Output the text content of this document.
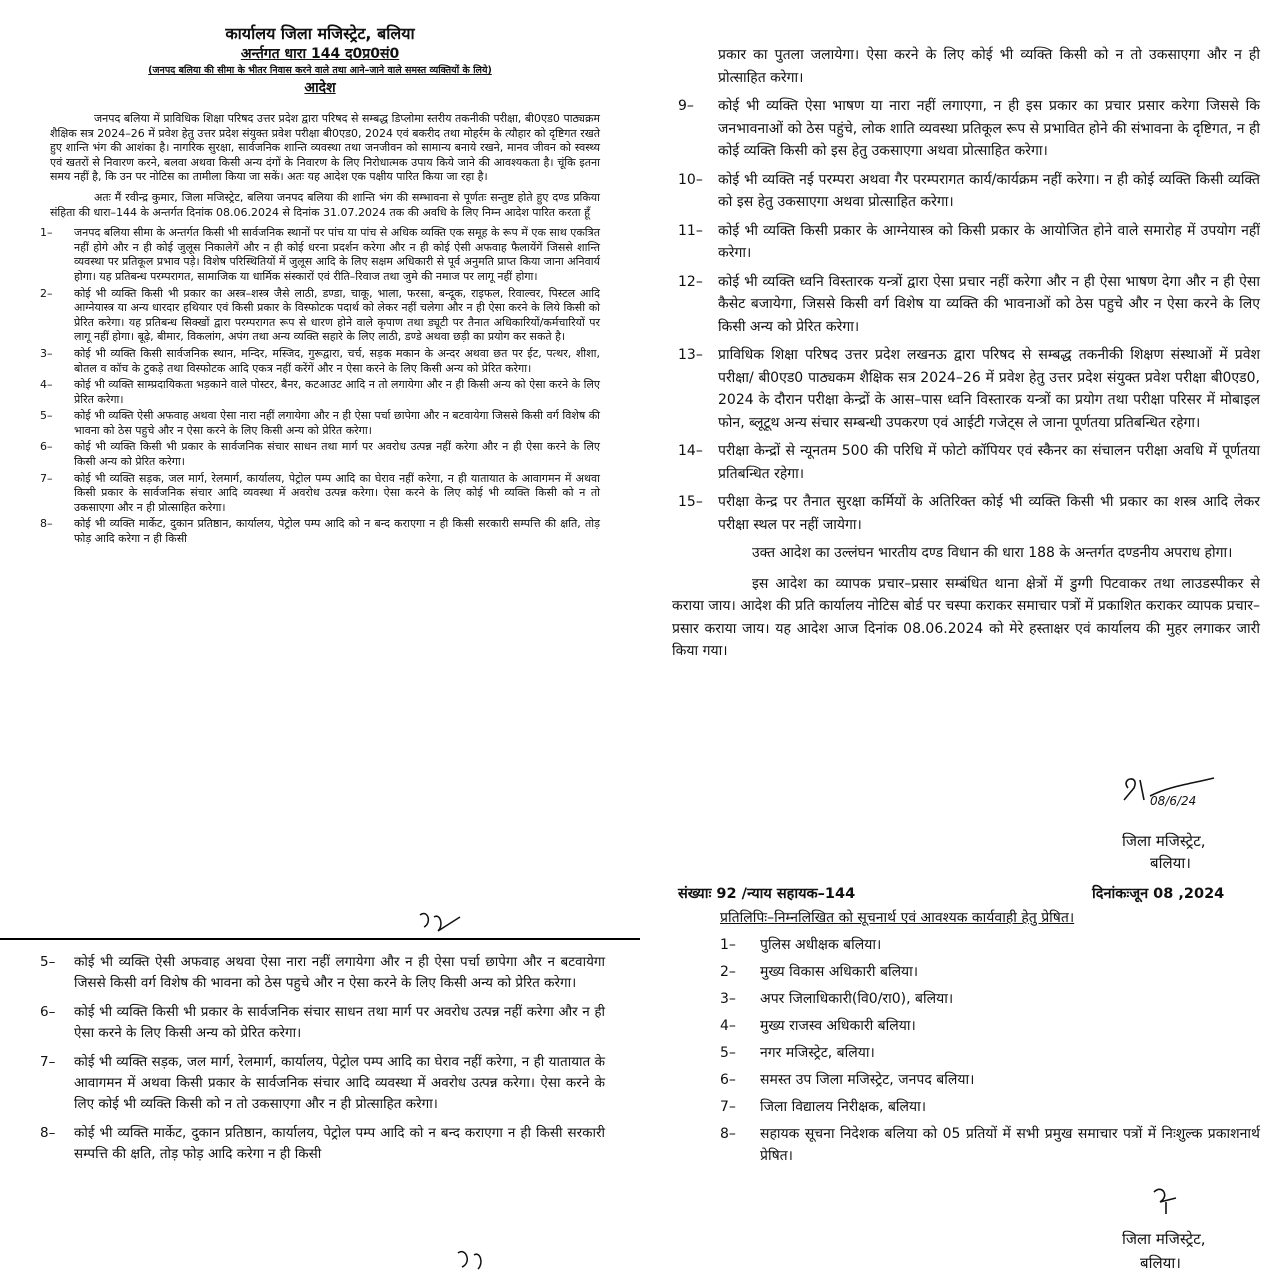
कार्यालय जिला मजिस्ट्रेट, बलिया
अर्न्तगत धारा 144 द0प्र0सं0
(जनपद बलिया की सीमा के भीतर निवास करने वाले तथा आने–जाने वाले समस्त व्यक्तियों के लिये)
आदेश

जनपद बलिया में प्राविधिक शिक्षा परिषद उत्तर प्रदेश द्वारा परिषद से सम्बद्ध डिप्लोमा स्तरीय तकनीकी परीक्षा, बी0एड0 पाठ्यक्रम शैक्षिक सत्र 2024–26 में प्रवेश हेतु उत्तर प्रदेश संयुक्त प्रवेश परीक्षा बी0एड0, 2024 एवं बकरीद तथा मोहर्रम के त्यौहार को दृष्टिगत रखते हुए शान्ति भंग की आशंका है। नागरिक सुरक्षा, सार्वजनिक शान्ति व्यवस्था तथा जनजीवन को सामान्य बनाये रखने, मानव जीवन को स्वस्थ्य एवं खतरों से निवारण करने, बलवा अथवा किसी अन्य दंगों के निवारण के लिए निरोधात्मक उपाय किये जाने की आवश्यकता है। चूंकि इतना समय नहीं है, कि उन पर नोटिस का तामीला किया जा सकें। अतः यह आदेश एक पक्षीय पारित किया जा रहा है।

अतः मैं रवीन्द्र कुमार, जिला मजिस्ट्रेट, बलिया जनपद बलिया की शान्ति भंग की सम्भावना से पूर्णतः सन्तुष्ट होते हुए दण्ड प्रकिया संहिता की धारा–144 के अन्तर्गत दिनांक 08.06.2024 से दिनांक 31.07.2024 तक की अवधि के लिए निम्न आदेश पारित करता हूँ

1–	जनपद बलिया सीमा के अन्तर्गत किसी भी सार्वजनिक स्थानों पर पांच या पांच से अधिक व्यक्ति एक समूह के रूप में एक साथ एकत्रित नहीं होगे और न ही कोई जुलूस निकालेगें और न ही कोई धरना प्रदर्शन करेगा और न ही कोई ऐसी अफवाह फैलायेंगें जिससे शान्ति व्यवस्था पर प्रतिकूल प्रभाव पड़े। विशेष परिस्थितियों में जुलूस आदि के लिए सक्षम अधिकारी से पूर्व अनुमति प्राप्त किया जाना अनिवार्य होगा। यह प्रतिबन्ध परम्परागत, सामाजिक या धार्मिक संस्कारों एवं रीति–रिवाज तथा जुमे की नमाज पर लागू नहीं होगा।
2–	कोई भी व्यक्ति किसी भी प्रकार का अस्त्र–शस्त्र जैसे लाठी, डण्डा, चाकू, भाला, फरसा, बन्दूक, राइफल, रिवाल्वर, पिस्टल आदि आग्नेयास्त्र या अन्य धारदार हथियार एवं किसी प्रकार के विस्फोटक पदार्थ को लेकर नहीं चलेगा और न ही ऐसा करने के लिये किसी को प्रेरित करेगा। यह प्रतिबन्ध सिक्खों द्वारा परम्परागत रूप से धारण होने वाले कृपाण तथा ड्यूटी पर तैनात अधिकारियों/कर्मचारियों पर लागू नहीं होगा। बूढ़े, बीमार, विकलांग, अपंग तथा अन्य व्यक्ति सहारे के लिए लाठी, डण्डे अथवा छड़ी का प्रयोग कर सकते है।
3–	कोई भी व्यक्ति किसी सार्वजनिक स्थान, मन्दिर, मस्जिद, गुरूद्वारा, चर्च, सड़क मकान के अन्दर अथवा छत पर ईट, पत्थर, शीशा, बोतल व कॉच के टुकड़े तथा विस्फोटक आदि एकत्र नहीं करेंगें और न ऐसा करने के लिए किसी अन्य को प्रेरित करेगा।
4–	कोई भी व्यक्ति साम्प्रदायिकता भड़काने वाले पोस्टर, बैनर, कटआउट आदि न तो लगायेगा और न ही किसी अन्य को ऐसा करने के लिए प्रेरित करेगा।
5–	कोई भी व्यक्ति ऐसी अफवाह अथवा ऐसा नारा नहीं लगायेगा और न ही ऐसा पर्चा छापेगा और न बटवायेगा जिससे किसी वर्ग विशेष की भावना को ठेस पहुचे और न ऐसा करने के लिए किसी अन्य को प्रेरित करेगा।
6–	कोई भी व्यक्ति किसी भी प्रकार के सार्वजनिक संचार साधन तथा मार्ग पर अवरोध उत्पन्न नहीं करेगा और न ही ऐसा करने के लिए किसी अन्य को प्रेरित करेगा।
7–	कोई भी व्यक्ति सड़क, जल मार्ग, रेलमार्ग, कार्यालय, पेट्रोल पम्प आदि का घेराव नहीं करेगा, न ही यातायात के आवागमन में अथवा किसी प्रकार के सार्वजनिक संचार आदि व्यवस्था में अवरोध उत्पन्न करेगा। ऐसा करने के लिए कोई भी व्यक्ति किसी को न तो उकसाएगा और न ही प्रोत्साहित करेगा।
8–	कोई भी व्यक्ति मार्केट, दुकान प्रतिष्ठान, कार्यालय, पेट्रोल पम्प आदि को न बन्द कराएगा न ही किसी सरकारी सम्पत्ति की क्षति, तोड़ फोड़ आदि करेगा न ही किसी
5–	कोई भी व्यक्ति ऐसी अफवाह अथवा ऐसा नारा नहीं लगायेगा और न ही ऐसा पर्चा छापेगा और न बटवायेगा जिससे किसी वर्ग विशेष की भावना को ठेस पहुचे और न ऐसा करने के लिए किसी अन्य को प्रेरित करेगा।
6–	कोई भी व्यक्ति किसी भी प्रकार के सार्वजनिक संचार साधन तथा मार्ग पर अवरोध उत्पन्न नहीं करेगा और न ही ऐसा करने के लिए किसी अन्य को प्रेरित करेगा।
7–	कोई भी व्यक्ति सड़क, जल मार्ग, रेलमार्ग, कार्यालय, पेट्रोल पम्प आदि का घेराव नहीं करेगा, न ही यातायात के आवागमन में अथवा किसी प्रकार के सार्वजनिक संचार आदि व्यवस्था में अवरोध उत्पन्न करेगा। ऐसा करने के लिए कोई भी व्यक्ति किसी को न तो उकसाएगा और न ही प्रोत्साहित करेगा।
8–	कोई भी व्यक्ति मार्केट, दुकान प्रतिष्ठान, कार्यालय, पेट्रोल पम्प आदि को न बन्द कराएगा न ही किसी सरकारी सम्पत्ति की क्षति, तोड़ फोड़ आदि करेगा न ही किसी
प्रकार का पुतला जलायेगा। ऐसा करने के लिए कोई भी व्यक्ति किसी को न तो उकसाएगा और न ही प्रोत्साहित करेगा।
9–	कोई भी व्यक्ति ऐसा भाषण या नारा नहीं लगाएगा, न ही इस प्रकार का प्रचार प्रसार करेगा जिससे कि जनभावनाओं को ठेस पहुंचे, लोक शाति व्यवस्था प्रतिकूल रूप से प्रभावित होने की संभावना के दृष्टिगत, न ही कोई व्यक्ति किसी को इस हेतु उकसाएगा अथवा प्रोत्साहित करेगा।
10–	कोई भी व्यक्ति नई परम्परा अथवा गैर परम्परागत कार्य/कार्यक्रम नहीं करेगा। न ही कोई व्यक्ति किसी व्यक्ति को इस हेतु उकसाएगा अथवा प्रोत्साहित करेगा।
11–	कोई भी व्यक्ति किसी प्रकार के आग्नेयास्त्र को किसी प्रकार के आयोजित होने वाले समारोह में उपयोग नहीं करेगा।
12–	कोई भी व्यक्ति ध्वनि विस्तारक यन्त्रों द्वारा ऐसा प्रचार नहीं करेगा और न ही ऐसा भाषण देगा और न ही ऐसा कैसेट बजायेगा, जिससे किसी वर्ग विशेष या व्यक्ति की भावनाओं को ठेस पहुचे और न ऐसा करने के लिए किसी अन्य को प्रेरित करेगा।
13–	प्राविधिक शिक्षा परिषद उत्तर प्रदेश लखनऊ द्वारा परिषद से सम्बद्ध तकनीकी शिक्षण संस्थाओं में प्रवेश परीक्षा/ बी0एड0 पाठ्यकम शैक्षिक सत्र 2024–26 में प्रवेश हेतु उत्तर प्रदेश संयुक्त प्रवेश परीक्षा बी0एड0, 2024 के दौरान परीक्षा केन्द्रों के आस–पास ध्वनि विस्तारक यन्त्रों का प्रयोग तथा परीक्षा परिसर में मोबाइल फोन, ब्लूटूथ अन्य संचार सम्बन्धी उपकरण एवं आईटी गजेट्स ले जाना पूर्णतया प्रतिबन्धित रहेगा।
14–	परीक्षा केन्द्रों से न्यूनतम 500 की परिधि में फोटो कॉपियर एवं स्कैनर का संचालन परीक्षा अवधि में पूर्णतया प्रतिबन्धित रहेगा।
15–	परीक्षा केन्द्र पर तैनात सुरक्षा कर्मियों के अतिरिक्त कोई भी व्यक्ति किसी भी प्रकार का शस्त्र आदि लेकर परीक्षा स्थल पर नहीं जायेगा।

उक्त आदेश का उल्लंघन भारतीय दण्ड विधान की धारा 188 के अन्तर्गत दण्डनीय अपराध होगा।

इस आदेश का व्यापक प्रचार–प्रसार सम्बंधित थाना क्षेत्रों में डुग्गी पिटवाकर तथा लाउडस्पीकर से कराया जाय। आदेश की प्रति कार्यालय नोटिस बोर्ड पर चस्पा कराकर समाचार पत्रों में प्रकाशित कराकर व्यापक प्रचार–प्रसार कराया जाय। यह आदेश आज दिनांक 08.06.2024 को मेरे हस्ताक्षर एवं कार्यालय की मुहर लगाकर जारी किया गया।

08/6/24
जिला मजिस्ट्रेट,
बलिया।
संख्याः 92 /न्याय सहायक–144	दिनांकःजून 08 ,2024
प्रतिलिपिः–निम्नलिखित को सूचनार्थ एवं आवश्यक कार्यवाही हेतु प्रेषित।
1–	पुलिस अधीक्षक बलिया।
2–	मुख्य विकास अधिकारी बलिया।
3–	अपर जिलाधिकारी(वि0/रा0), बलिया।
4–	मुख्य राजस्व अधिकारी बलिया।
5–	नगर मजिस्ट्रेट, बलिया।
6–	समस्त उप जिला मजिस्ट्रेट, जनपद बलिया।
7–	जिला विद्यालय निरीक्षक, बलिया।
8–	सहायक सूचना निदेशक बलिया को 05 प्रतियों में सभी प्रमुख समाचार पत्रों में निःशुल्क प्रकाशनार्थ प्रेषित।
जिला मजिस्ट्रेट,
बलिया।
